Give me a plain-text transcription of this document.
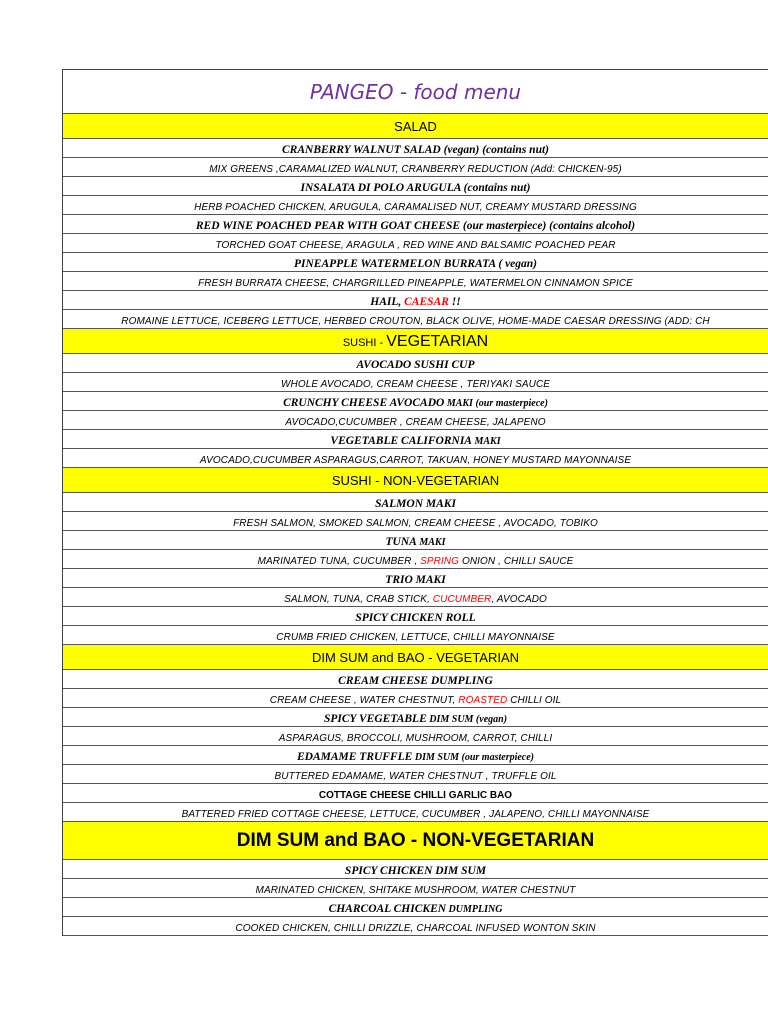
PANGEO - food menu
SALAD
CRANBERRY WALNUT SALAD (vegan) (contains nut)
MIX GREENS ,CARAMALIZED WALNUT, CRANBERRY REDUCTION (Add: CHICKEN-95)
INSALATA DI POLO ARUGULA (contains nut)
HERB POACHED CHICKEN, ARUGULA, CARAMALISED NUT, CREAMY MUSTARD DRESSING
RED WINE POACHED PEAR WITH GOAT CHEESE (our masterpiece) (contains alcohol)
TORCHED GOAT CHEESE, ARAGULA , RED WINE AND BALSAMIC POACHED PEAR
PINEAPPLE WATERMELON BURRATA ( vegan)
FRESH BURRATA CHEESE, CHARGRILLED PINEAPPLE, WATERMELON CINNAMON SPICE
HAIL, CAESAR !!
ROMAINE LETTUCE, ICEBERG LETTUCE, HERBED CROUTON, BLACK OLIVE, HOME-MADE CAESAR DRESSING (ADD: CH
SUSHI - VEGETARIAN
AVOCADO SUSHI CUP
WHOLE AVOCADO, CREAM CHEESE , TERIYAKI SAUCE
CRUNCHY CHEESE AVOCADO MAKI (our masterpiece)
AVOCADO,CUCUMBER , CREAM CHEESE, JALAPENO
VEGETABLE CALIFORNIA MAKI
AVOCADO,CUCUMBER ASPARAGUS,CARROT, TAKUAN, HONEY MUSTARD MAYONNAISE
SUSHI - NON-VEGETARIAN
SALMON MAKI
FRESH SALMON, SMOKED SALMON, CREAM CHEESE , AVOCADO, TOBIKO
TUNA MAKI
MARINATED TUNA, CUCUMBER , SPRING ONION , CHILLI SAUCE
TRIO MAKI
SALMON, TUNA, CRAB STICK, CUCUMBER, AVOCADO
SPICY CHICKEN ROLL
CRUMB FRIED CHICKEN, LETTUCE, CHILLI MAYONNAISE
DIM SUM and BAO - VEGETARIAN
CREAM CHEESE DUMPLING
CREAM CHEESE , WATER CHESTNUT, ROASTED CHILLI OIL
SPICY VEGETABLE DIM SUM (vegan)
ASPARAGUS, BROCCOLI, MUSHROOM, CARROT, CHILLI
EDAMAME TRUFFLE DIM SUM (our masterpiece)
BUTTERED EDAMAME, WATER CHESTNUT , TRUFFLE OIL
COTTAGE CHEESE CHILLI GARLIC BAO
BATTERED FRIED COTTAGE CHEESE, LETTUCE, CUCUMBER , JALAPENO, CHILLI MAYONNAISE
DIM SUM and BAO - NON-VEGETARIAN
SPICY CHICKEN DIM SUM
MARINATED CHICKEN, SHITAKE MUSHROOM, WATER CHESTNUT
CHARCOAL CHICKEN DUMPLING
COOKED CHICKEN, CHILLI DRIZZLE, CHARCOAL INFUSED WONTON SKIN
